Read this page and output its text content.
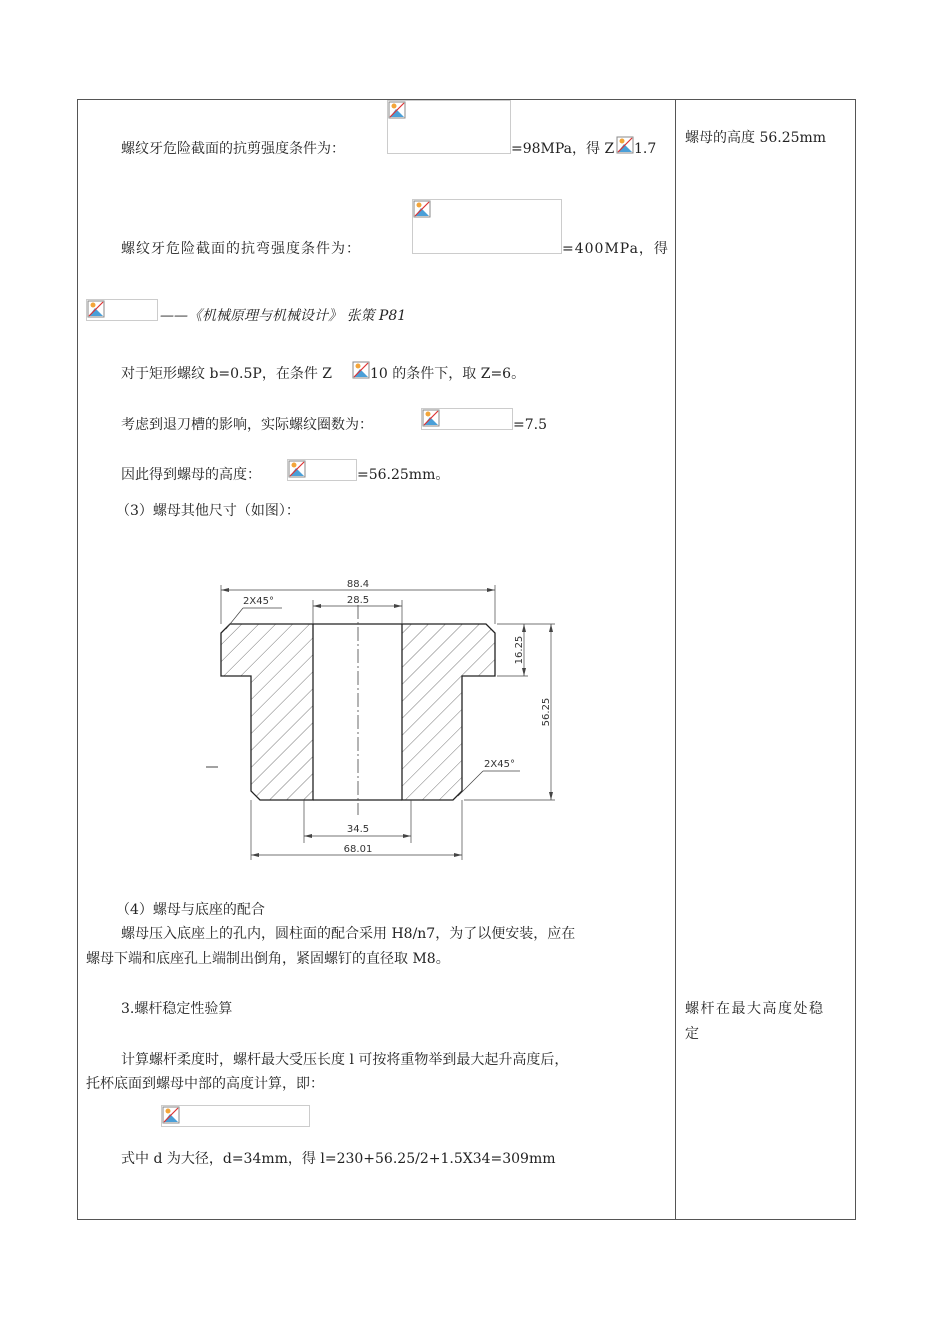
螺纹牙危险截面的抗剪强度条件为：	=98MPa，得 Z 1.7
螺纹牙危险截面的抗弯强度条件为：	=400MPa，得
——《机械原理与机械设计》 张策 P81
对于矩形螺纹 b=0.5P，在条件 Z	10 的条件下，取 Z=6。
考虑到退刀槽的影响，实际螺纹圈数为：	=7.5
因此得到螺母的高度：	=56.25mm。
（3）螺母其他尺寸（如图）：
88.4
28.5
2X45°
16.25
56.25
2X45°
34.5
68.01
（4）螺母与底座的配合
螺母压入底座上的孔内，圆柱面的配合采用 H8/n7，为了以便安装，应在
螺母下端和底座孔上端制出倒角，紧固螺钉的直径取 M8。
3.螺杆稳定性验算
计算螺杆柔度时，螺杆最大受压长度 l 可按将重物举到最大起升高度后，
托杯底面到螺母中部的高度计算，即：
式中 d 为大径，d=34mm，得 l=230+56.25/2+1.5X34=309mm
螺母的高度 56.25mm
螺杆在最大高度处稳
定
